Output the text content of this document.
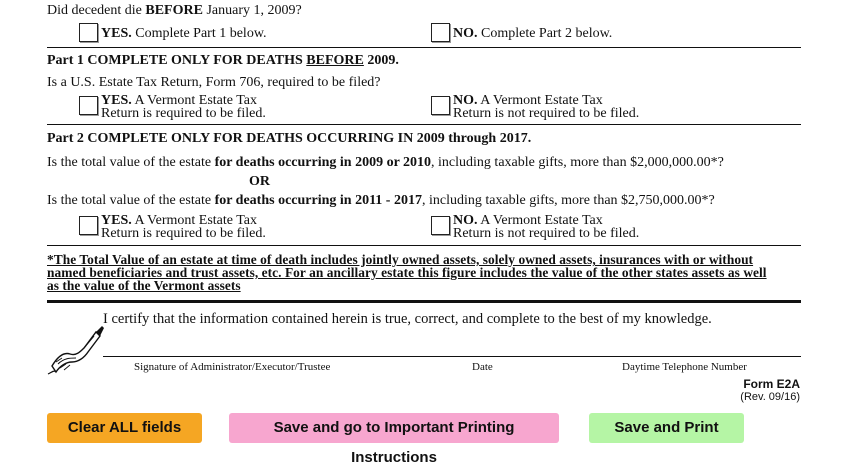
Did decedent die BEFORE January 1, 2009?
YES. Complete Part 1 below.	NO. Complete Part 2 below.
Part 1 COMPLETE ONLY FOR DEATHS BEFORE 2009.
Is a U.S. Estate Tax Return, Form 706, required to be filed?
YES. A Vermont Estate Tax
Return is required to be filed.
NO. A Vermont Estate Tax
Return is not required to be filed.
Part 2 COMPLETE ONLY FOR DEATHS OCCURRING IN 2009 through 2017.
Is the total value of the estate for deaths occurring in 2009 or 2010, including taxable gifts, more than $2,000,000.00*?
OR
Is the total value of the estate for deaths occurring in 2011 - 2017, including taxable gifts, more than $2,750,000.00*?
YES. A Vermont Estate Tax
Return is required to be filed.
NO. A Vermont Estate Tax
Return is not required to be filed.
*The Total Value of an estate at time of death includes jointly owned assets, solely owned assets, insurances with or without
named beneficiaries and trust assets, etc. For an ancillary estate this figure includes the value of the other states assets as well
as the value of the Vermont assets
I certify that the information contained herein is true, correct, and complete to the best of my knowledge.
Signature of Administrator/Executor/Trustee	Date	Daytime Telephone Number
Form E2A
(Rev. 09/16)
Clear ALL fields	Save and go to Important Printing Instructions
Save and Print
